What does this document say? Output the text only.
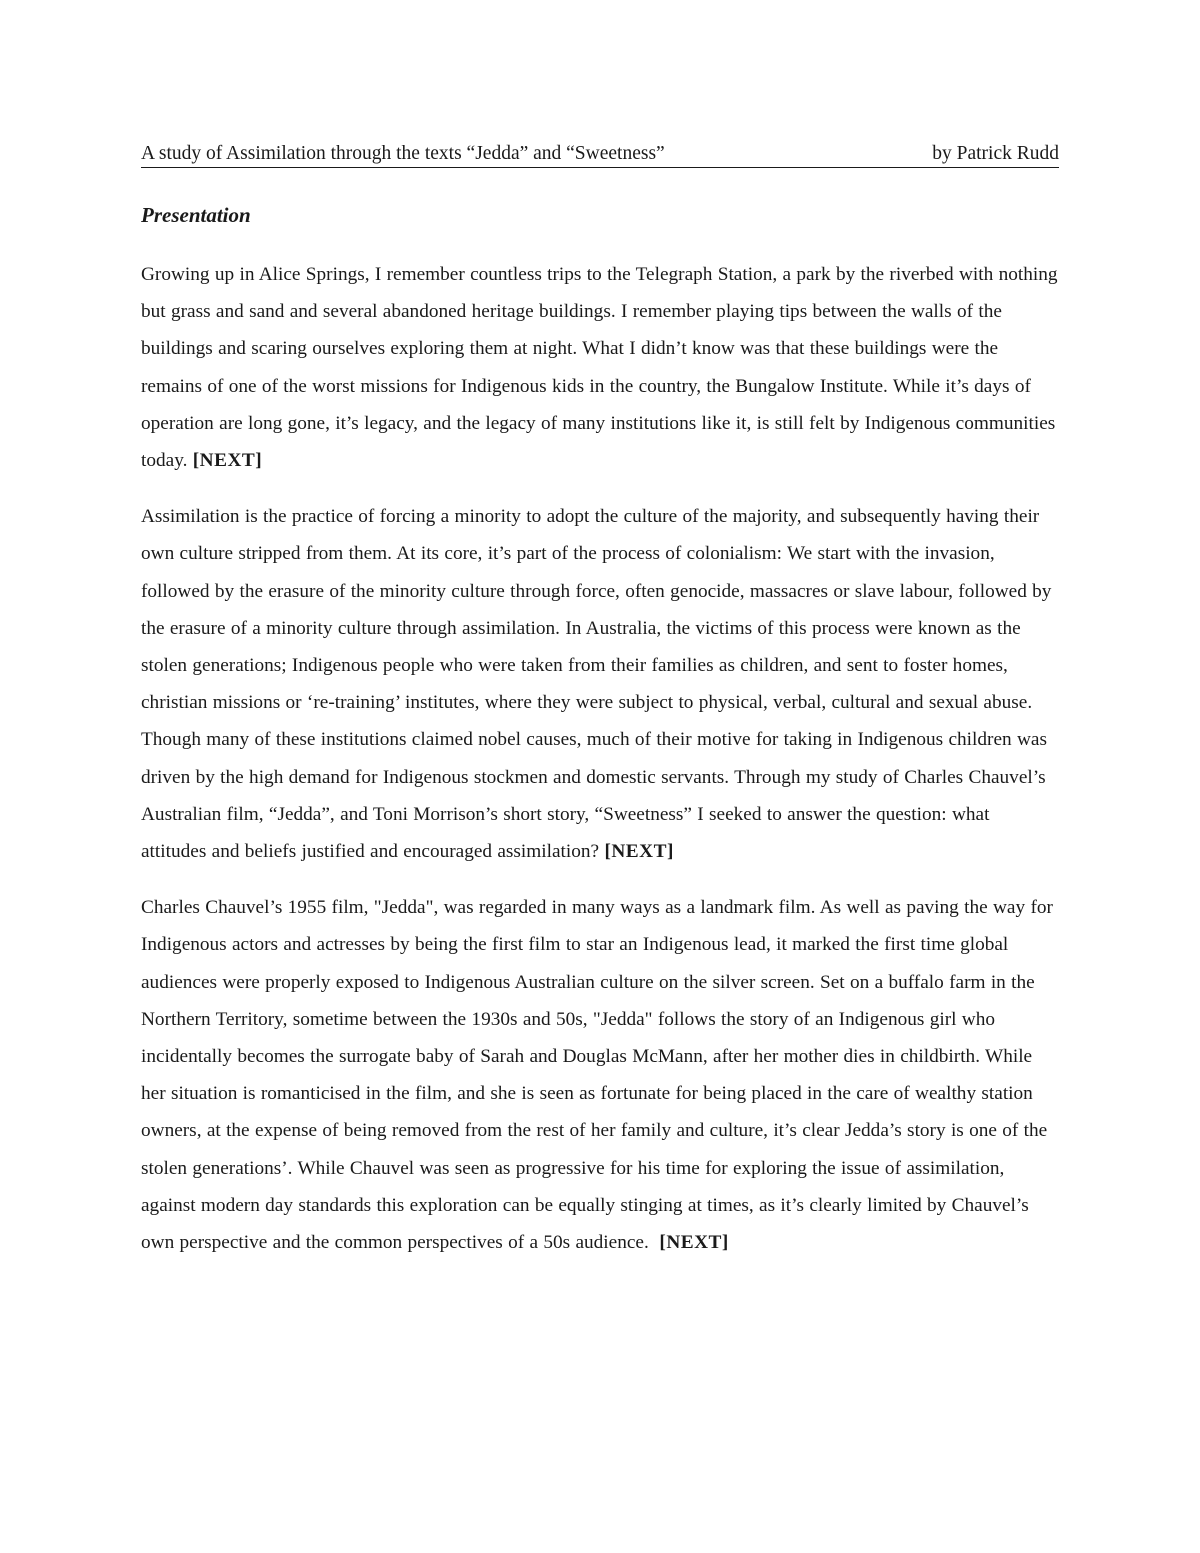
A study of Assimilation through the texts “Jedda” and “Sweetness”	by Patrick Rudd
Presentation

Growing up in Alice Springs, I remember countless trips to the Telegraph Station, a park by the riverbed with nothing but grass and sand and several abandoned heritage buildings. I remember playing tips between the walls of the buildings and scaring ourselves exploring them at night. What I didn’t know was that these buildings were the remains of one of the worst missions for Indigenous kids in the country, the Bungalow Institute. While it’s days of operation are long gone, it’s legacy, and the legacy of many institutions like it, is still felt by Indigenous communities today. [NEXT]

Assimilation is the practice of forcing a minority to adopt the culture of the majority, and subsequently having their own culture stripped from them. At its core, it’s part of the process of colonialism: We start with the invasion, followed by the erasure of the minority culture through force, often genocide, massacres or slave labour, followed by the erasure of a minority culture through assimilation. In Australia, the victims of this process were known as the stolen generations; Indigenous people who were taken from their families as children, and sent to foster homes, christian missions or ‘re-training’ institutes, where they were subject to physical, verbal, cultural and sexual abuse. Though many of these institutions claimed nobel causes, much of their motive for taking in Indigenous children was driven by the high demand for Indigenous stockmen and domestic servants. Through my study of Charles Chauvel’s Australian film, “Jedda”, and Toni Morrison’s short story, “Sweetness” I seeked to answer the question: what attitudes and beliefs justified and encouraged assimilation? [NEXT]

Charles Chauvel’s 1955 film, "Jedda", was regarded in many ways as a landmark film. As well as paving the way for Indigenous actors and actresses by being the first film to star an Indigenous lead, it marked the first time global audiences were properly exposed to Indigenous Australian culture on the silver screen. Set on a buffalo farm in the Northern Territory, sometime between the 1930s and 50s, "Jedda" follows the story of an Indigenous girl who incidentally becomes the surrogate baby of Sarah and Douglas McMann, after her mother dies in childbirth. While her situation is romanticised in the film, and she is seen as fortunate for being placed in the care of wealthy station owners, at the expense of being removed from the rest of her family and culture, it’s clear Jedda’s story is one of the stolen generations’. While Chauvel was seen as progressive for his time for exploring the issue of assimilation, against modern day standards this exploration can be equally stinging at times, as it’s clearly limited by Chauvel’s own perspective and the common perspectives of a 50s audience. [NEXT]
